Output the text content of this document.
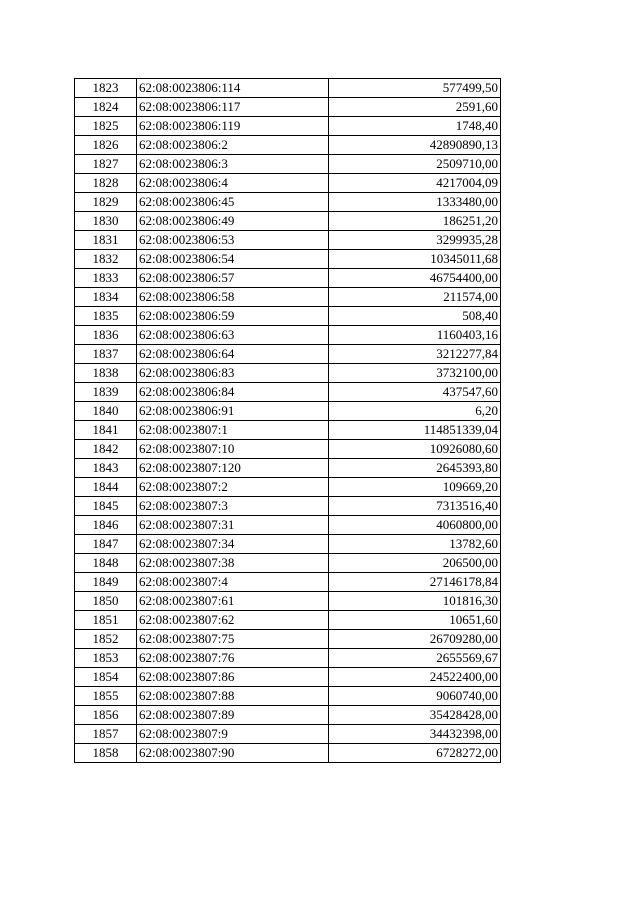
1823	62:08:0023806:114	577499,50
1824	62:08:0023806:117	2591,60
1825	62:08:0023806:119	1748,40
1826	62:08:0023806:2	42890890,13
1827	62:08:0023806:3	2509710,00
1828	62:08:0023806:4	4217004,09
1829	62:08:0023806:45	1333480,00
1830	62:08:0023806:49	186251,20
1831	62:08:0023806:53	3299935,28
1832	62:08:0023806:54	10345011,68
1833	62:08:0023806:57	46754400,00
1834	62:08:0023806:58	211574,00
1835	62:08:0023806:59	508,40
1836	62:08:0023806:63	1160403,16
1837	62:08:0023806:64	3212277,84
1838	62:08:0023806:83	3732100,00
1839	62:08:0023806:84	437547,60
1840	62:08:0023806:91	6,20
1841	62:08:0023807:1	114851339,04
1842	62:08:0023807:10	10926080,60
1843	62:08:0023807:120	2645393,80
1844	62:08:0023807:2	109669,20
1845	62:08:0023807:3	7313516,40
1846	62:08:0023807:31	4060800,00
1847	62:08:0023807:34	13782,60
1848	62:08:0023807:38	206500,00
1849	62:08:0023807:4	27146178,84
1850	62:08:0023807:61	101816,30
1851	62:08:0023807:62	10651,60
1852	62:08:0023807:75	26709280,00
1853	62:08:0023807:76	2655569,67
1854	62:08:0023807:86	24522400,00
1855	62:08:0023807:88	9060740,00
1856	62:08:0023807:89	35428428,00
1857	62:08:0023807:9	34432398,00
1858	62:08:0023807:90	6728272,00
